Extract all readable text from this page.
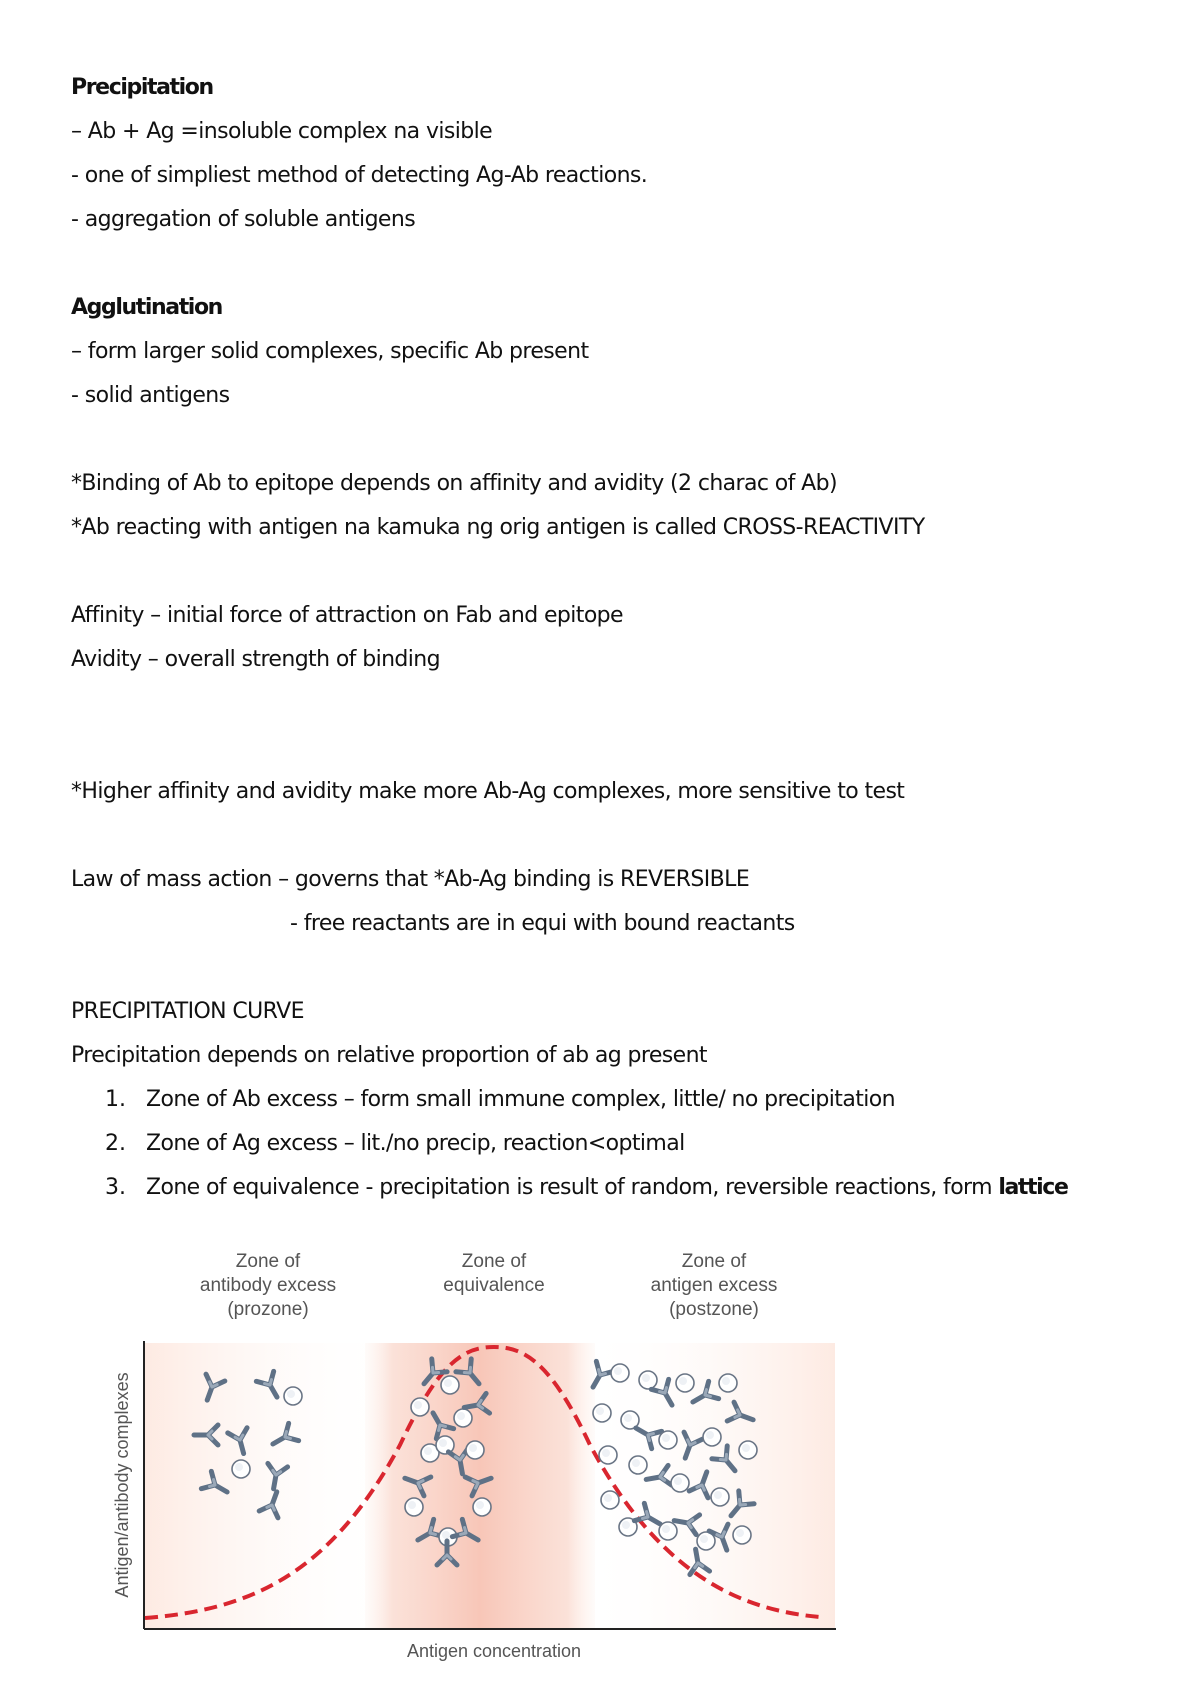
Precipitation
– Ab + Ag =insoluble complex na visible
- one of simpliest method of detecting Ag-Ab reactions.
- aggregation of soluble antigens
Agglutination
– form larger solid complexes, specific Ab present
- solid antigens
*Binding of Ab to epitope depends on affinity and avidity (2 charac of Ab)
*Ab reacting with antigen na kamuka ng orig antigen is called CROSS-REACTIVITY
Affinity – initial force of attraction on Fab and epitope
Avidity – overall strength of binding
*Higher affinity and avidity make more Ab-Ag complexes, more sensitive to test
Law of mass action – governs that *Ab-Ag binding is REVERSIBLE
- free reactants are in equi with bound reactants
PRECIPITATION CURVE
Precipitation depends on relative proportion of ab ag present
1. Zone of Ab excess – form small immune complex, little/ no precipitation
2. Zone of Ag excess – lit./no precip, reaction<optimal
3. Zone of equivalence - precipitation is result of random, reversible reactions, form lattice
Zone of
antibody excess
(prozone)
Zone of
equivalence
Zone of
antigen excess
(postzone)
Antigen/antibody complexes
Antigen concentration
